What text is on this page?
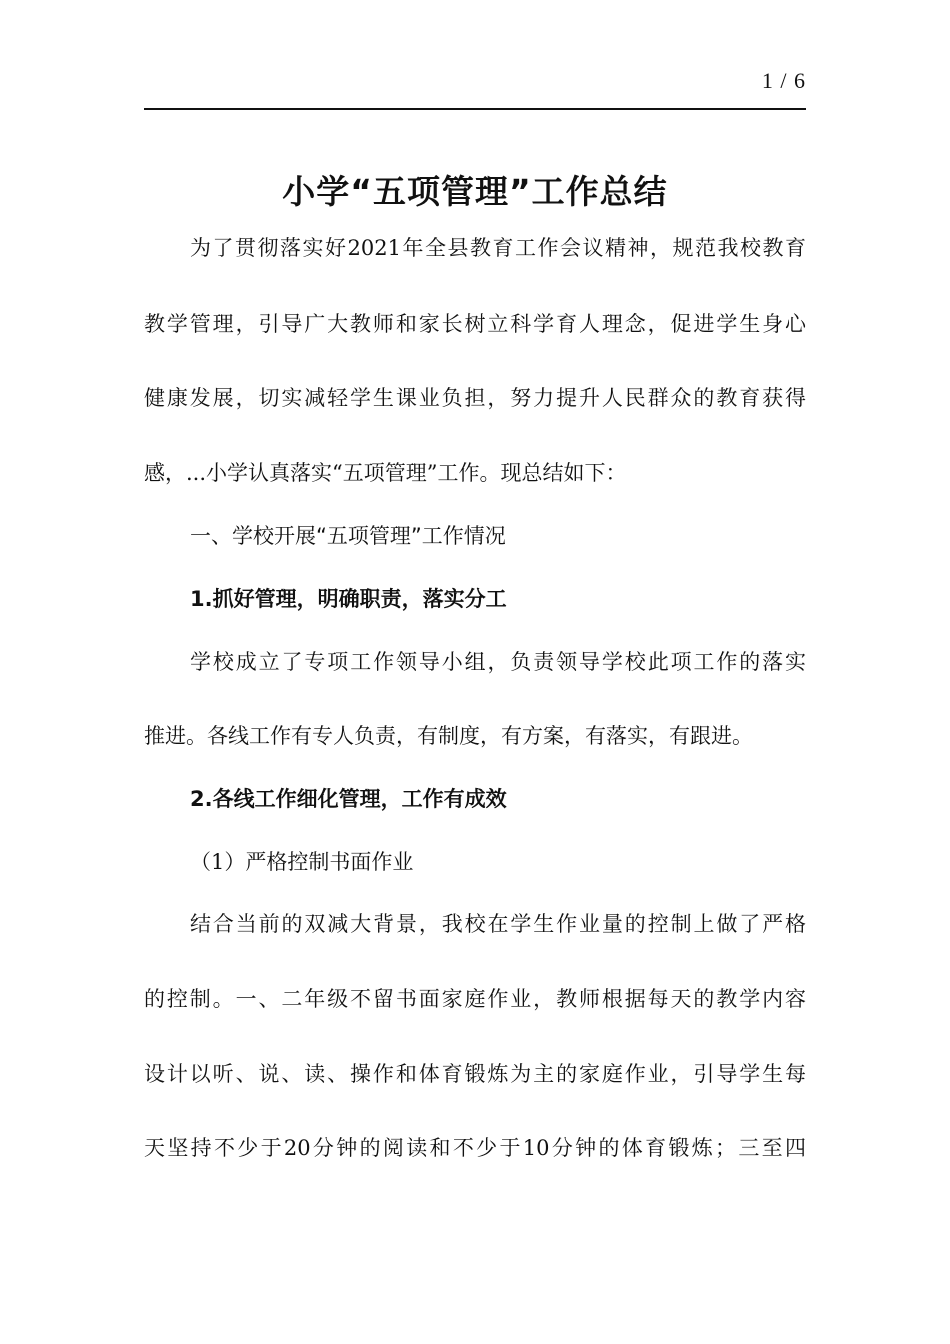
1 / 6
小学“五项管理”工作总结
为了贯彻落实好2021年全县教育工作会议精神，规范我校教育
教学管理，引导广大教师和家长树立科学育人理念，促进学生身心
健康发展，切实减轻学生课业负担，努力提升人民群众的教育获得
感，...小学认真落实“五项管理”工作。现总结如下：
一、学校开展“五项管理”工作情况
1.抓好管理，明确职责，落实分工
学校成立了专项工作领导小组，负责领导学校此项工作的落实
推进。各线工作有专人负责，有制度，有方案，有落实，有跟进。
2.各线工作细化管理，工作有成效
（1）严格控制书面作业
结合当前的双减大背景，我校在学生作业量的控制上做了严格
的控制。一、二年级不留书面家庭作业，教师根据每天的教学内容
设计以听、说、读、操作和体育锻炼为主的家庭作业，引导学生每
天坚持不少于20分钟的阅读和不少于10分钟的体育锻炼；三至四
